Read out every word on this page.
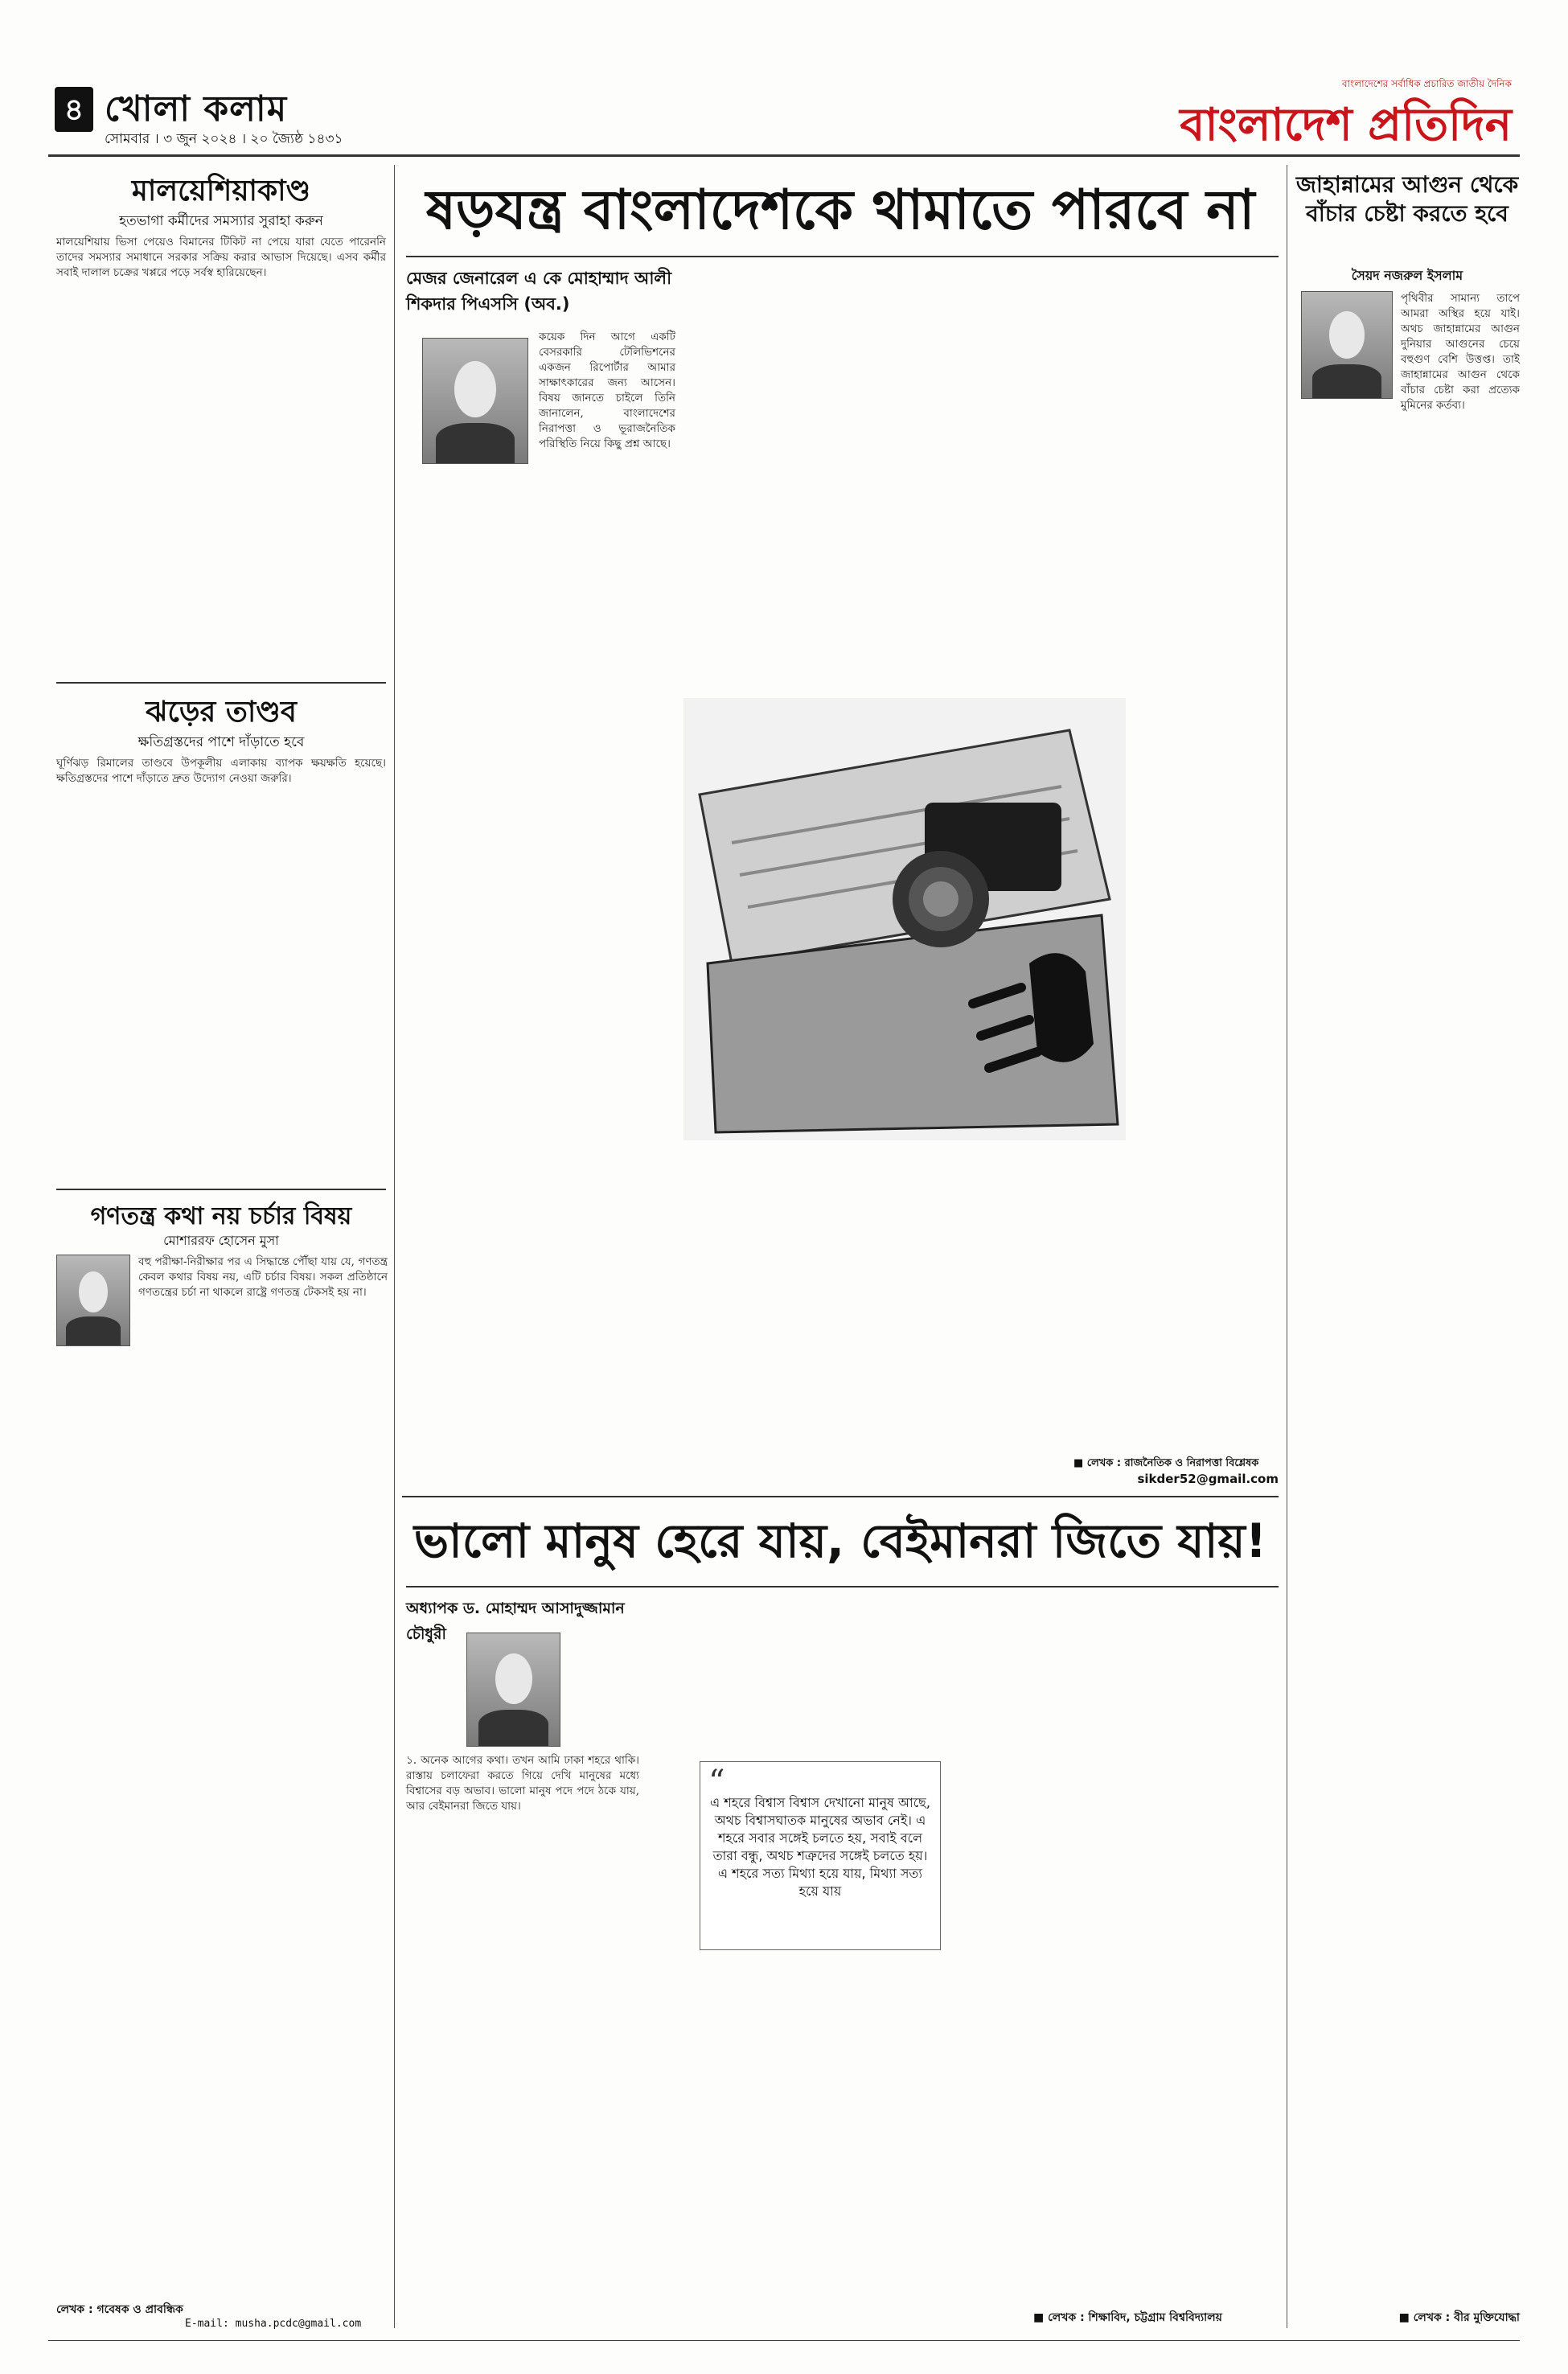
৪ খোলা কলাম
সোমবার । ৩ জুন ২০২৪ । ২০ জ্যৈষ্ঠ ১৪৩১
বাংলাদেশের সর্বাধিক প্রচারিত জাতীয় দৈনিক
বাংলাদেশ প্রতিদিন
মালয়েশিয়াকাণ্ড
হতভাগা কর্মীদের সমস্যার সুরাহা করুন
মালয়েশিয়ায় ভিসা পেয়েও বিমানের টিকিট না পেয়ে যারা যেতে পারেননি তাদের সমস্যার সমাধানে সরকার সক্রিয় করার আভাস দিয়েছে। এসব কর্মীর সবাই দালাল চক্রের খপ্পরে পড়ে সর্বস্ব হারিয়েছেন।
ঝড়ের তাণ্ডব
ক্ষতিগ্রস্তদের পাশে দাঁড়াতে হবে
ঘূর্ণিঝড় রিমালের তাণ্ডবে উপকূলীয় এলাকায় ব্যাপক ক্ষয়ক্ষতি হয়েছে। ক্ষতিগ্রস্তদের পাশে দাঁড়াতে দ্রুত উদ্যোগ নেওয়া জরুরি।
গণতন্ত্র কথা নয় চর্চার বিষয়
মোশাররফ হোসেন মুসা
বহু পরীক্ষা-নিরীক্ষার পর এ সিদ্ধান্তে পৌঁছা যায় যে, গণতন্ত্র কেবল কথার বিষয় নয়, এটি চর্চার বিষয়। সকল প্রতিষ্ঠানে গণতন্ত্রের চর্চা না থাকলে রাষ্ট্রে গণতন্ত্র টেকসই হয় না।
লেখক : গবেষক ও প্রাবন্ধিক
E-mail: musha.pcdc@gmail.com
ষড়যন্ত্র বাংলাদেশকে থামাতে পারবে না
মেজর জেনারেল এ কে মোহাম্মাদ আলী শিকদার পিএসসি (অব.)
কয়েক দিন আগে একটি বেসরকারি টেলিভিশনের একজন রিপোর্টার আমার সাক্ষাৎকারের জন্য আসেন। বিষয় জানতে চাইলে তিনি জানালেন, বাংলাদেশের নিরাপত্তা ও ভূরাজনৈতিক পরিস্থিতি নিয়ে কিছু প্রশ্ন আছে।
■ লেখক : রাজনৈতিক ও নিরাপত্তা বিশ্লেষক
sikder52@gmail.com
ভালো মানুষ হেরে যায়, বেইমানরা জিতে যায়!
অধ্যাপক ড. মোহাম্মদ আসাদুজ্জামান চৌধুরী
১. অনেক আগের কথা। তখন আমি ঢাকা শহরে থাকি। রাস্তায় চলাফেরা করতে গিয়ে দেখি মানুষের মধ্যে বিশ্বাসের বড় অভাব। ভালো মানুষ পদে পদে ঠকে যায়, আর বেইমানরা জিতে যায়।
“
এ শহরে বিশ্বাস বিশ্বাস দেখানো মানুষ আছে, অথচ বিশ্বাসঘাতক মানুষের অভাব নেই। এ শহরে সবার সঙ্গেই চলতে হয়, সবাই বলে তারা বন্ধু, অথচ শত্রুদের সঙ্গেই চলতে হয়। এ শহরে সত্য মিথ্যা হয়ে যায়, মিথ্যা সত্য হয়ে যায়
■ লেখক : শিক্ষাবিদ, চট্টগ্রাম বিশ্ববিদ্যালয়
জাহান্নামের আগুন থেকে বাঁচার চেষ্টা করতে হবে
সৈয়দ নজরুল ইসলাম
পৃথিবীর সামান্য তাপে আমরা অস্থির হয়ে যাই। অথচ জাহান্নামের আগুন দুনিয়ার আগুনের চেয়ে বহুগুণ বেশি উত্তপ্ত। তাই জাহান্নামের আগুন থেকে বাঁচার চেষ্টা করা প্রত্যেক মুমিনের কর্তব্য।
■ লেখক : বীর মুক্তিযোদ্ধা
